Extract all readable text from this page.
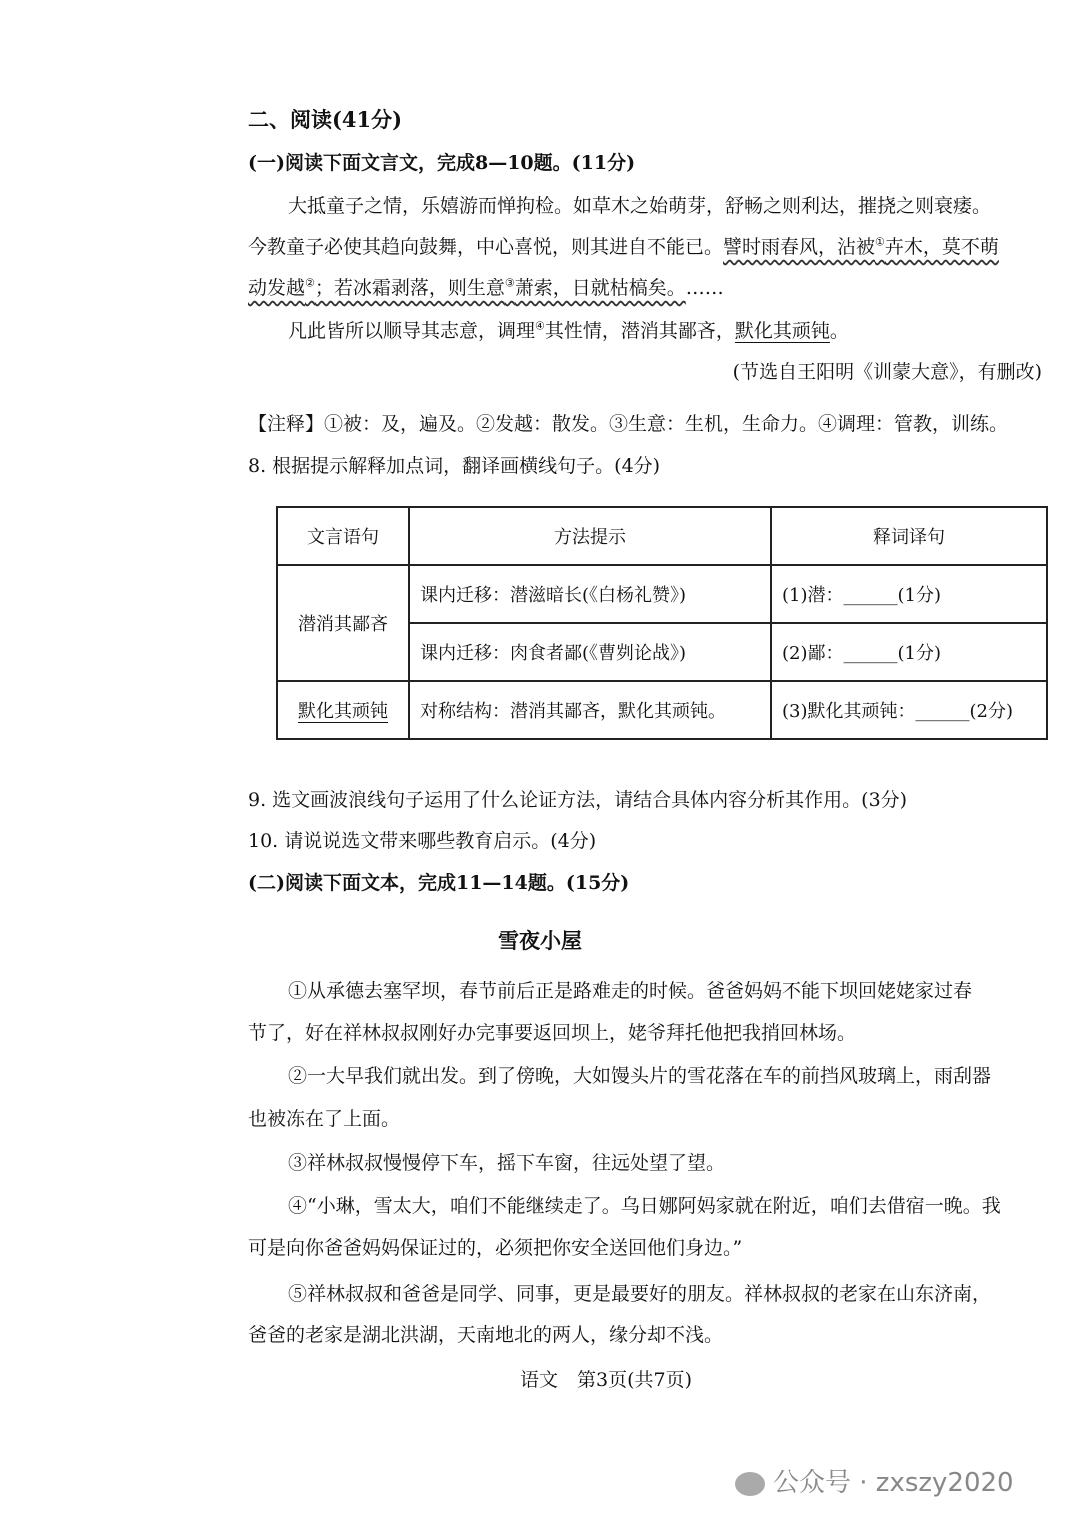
二、阅读(41分)
(一)阅读下面文言文，完成8—10题。(11分)
大抵童子之情，乐嬉游而惮拘检。如草木之始萌芽，舒畅之则利达，摧挠之则衰痿。
今教童子必使其趋向鼓舞，中心喜悦，则其进自不能已。譬时雨春风，沾被①卉木，莫不萌
动发越②；若冰霜剥落，则生意③萧索，日就枯槁矣。……
凡此皆所以顺导其志意，调理④其性情，潜消其鄙吝，默化其顽钝。
(节选自王阳明《训蒙大意》，有删改)
【注释】①被：及，遍及。②发越：散发。③生意：生机，生命力。④调理：管教，训练。
8. 根据提示解释加点词，翻译画横线句子。(4分)
文言语句	方法提示	释词译句
潜消其鄙吝	课内迁移：潜滋暗长(《白杨礼赞》)	(1)潜：______(1分)
	课内迁移：肉食者鄙(《曹刿论战》)	(2)鄙：______(1分)
默化其顽钝	对称结构：潜消其鄙吝，默化其顽钝。	(3)默化其顽钝：______(2分)
9. 选文画波浪线句子运用了什么论证方法，请结合具体内容分析其作用。(3分)
10. 请说说选文带来哪些教育启示。(4分)
(二)阅读下面文本，完成11—14题。(15分)
雪夜小屋
①从承德去塞罕坝，春节前后正是路难走的时候。爸爸妈妈不能下坝回姥姥家过春
节了，好在祥林叔叔刚好办完事要返回坝上，姥爷拜托他把我捎回林场。
②一大早我们就出发。到了傍晚，大如馒头片的雪花落在车的前挡风玻璃上，雨刮器
也被冻在了上面。
③祥林叔叔慢慢停下车，摇下车窗，往远处望了望。
④“小琳，雪太大，咱们不能继续走了。乌日娜阿妈家就在附近，咱们去借宿一晚。我
可是向你爸爸妈妈保证过的，必须把你安全送回他们身边。”
⑤祥林叔叔和爸爸是同学、同事，更是最要好的朋友。祥林叔叔的老家在山东济南，
爸爸的老家是湖北洪湖，天南地北的两人，缘分却不浅。
语文　第3页(共7页)
公众号 · zxszy2020
